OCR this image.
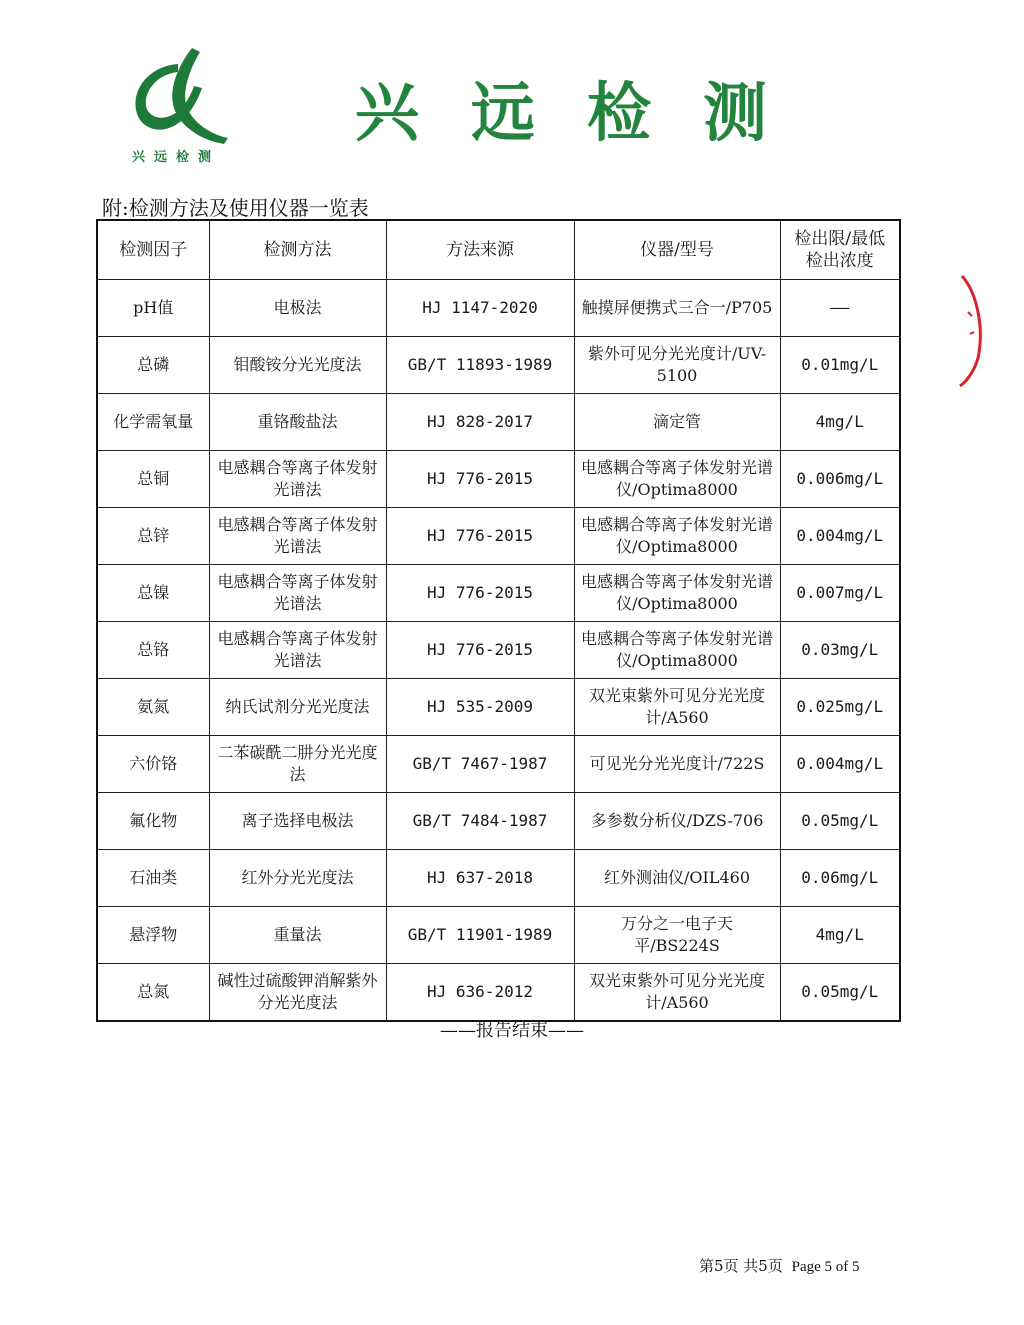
兴远检测
兴远检测
附:检测方法及使用仪器一览表
检测因子	检测方法	方法来源	仪器/型号	检出限/最低检出浓度
pH值	电极法	HJ 1147-2020	触摸屏便携式三合一/P705	——
总磷	钼酸铵分光光度法	GB/T 11893-1989	紫外可见分光光度计/UV-5100	0.01mg/L
化学需氧量	重铬酸盐法	HJ 828-2017	滴定管	4mg/L
总铜	电感耦合等离子体发射光谱法	HJ 776-2015	电感耦合等离子体发射光谱仪/Optima8000	0.006mg/L
总锌	电感耦合等离子体发射光谱法	HJ 776-2015	电感耦合等离子体发射光谱仪/Optima8000	0.004mg/L
总镍	电感耦合等离子体发射光谱法	HJ 776-2015	电感耦合等离子体发射光谱仪/Optima8000	0.007mg/L
总铬	电感耦合等离子体发射光谱法	HJ 776-2015	电感耦合等离子体发射光谱仪/Optima8000	0.03mg/L
氨氮	纳氏试剂分光光度法	HJ 535-2009	双光束紫外可见分光光度计/A560	0.025mg/L
六价铬	二苯碳酰二肼分光光度法	GB/T 7467-1987	可见光分光光度计/722S	0.004mg/L
氟化物	离子选择电极法	GB/T 7484-1987	多参数分析仪/DZS-706	0.05mg/L
石油类	红外分光光度法	HJ 637-2018	红外测油仪/OIL460	0.06mg/L
悬浮物	重量法	GB/T 11901-1989	万分之一电子天平/BS224S	4mg/L
总氮	碱性过硫酸钾消解紫外分光光度法	HJ 636-2012	双光束紫外可见分光光度计/A560	0.05mg/L
——报告结束——
第5页 共5页 Page 5 of 5
